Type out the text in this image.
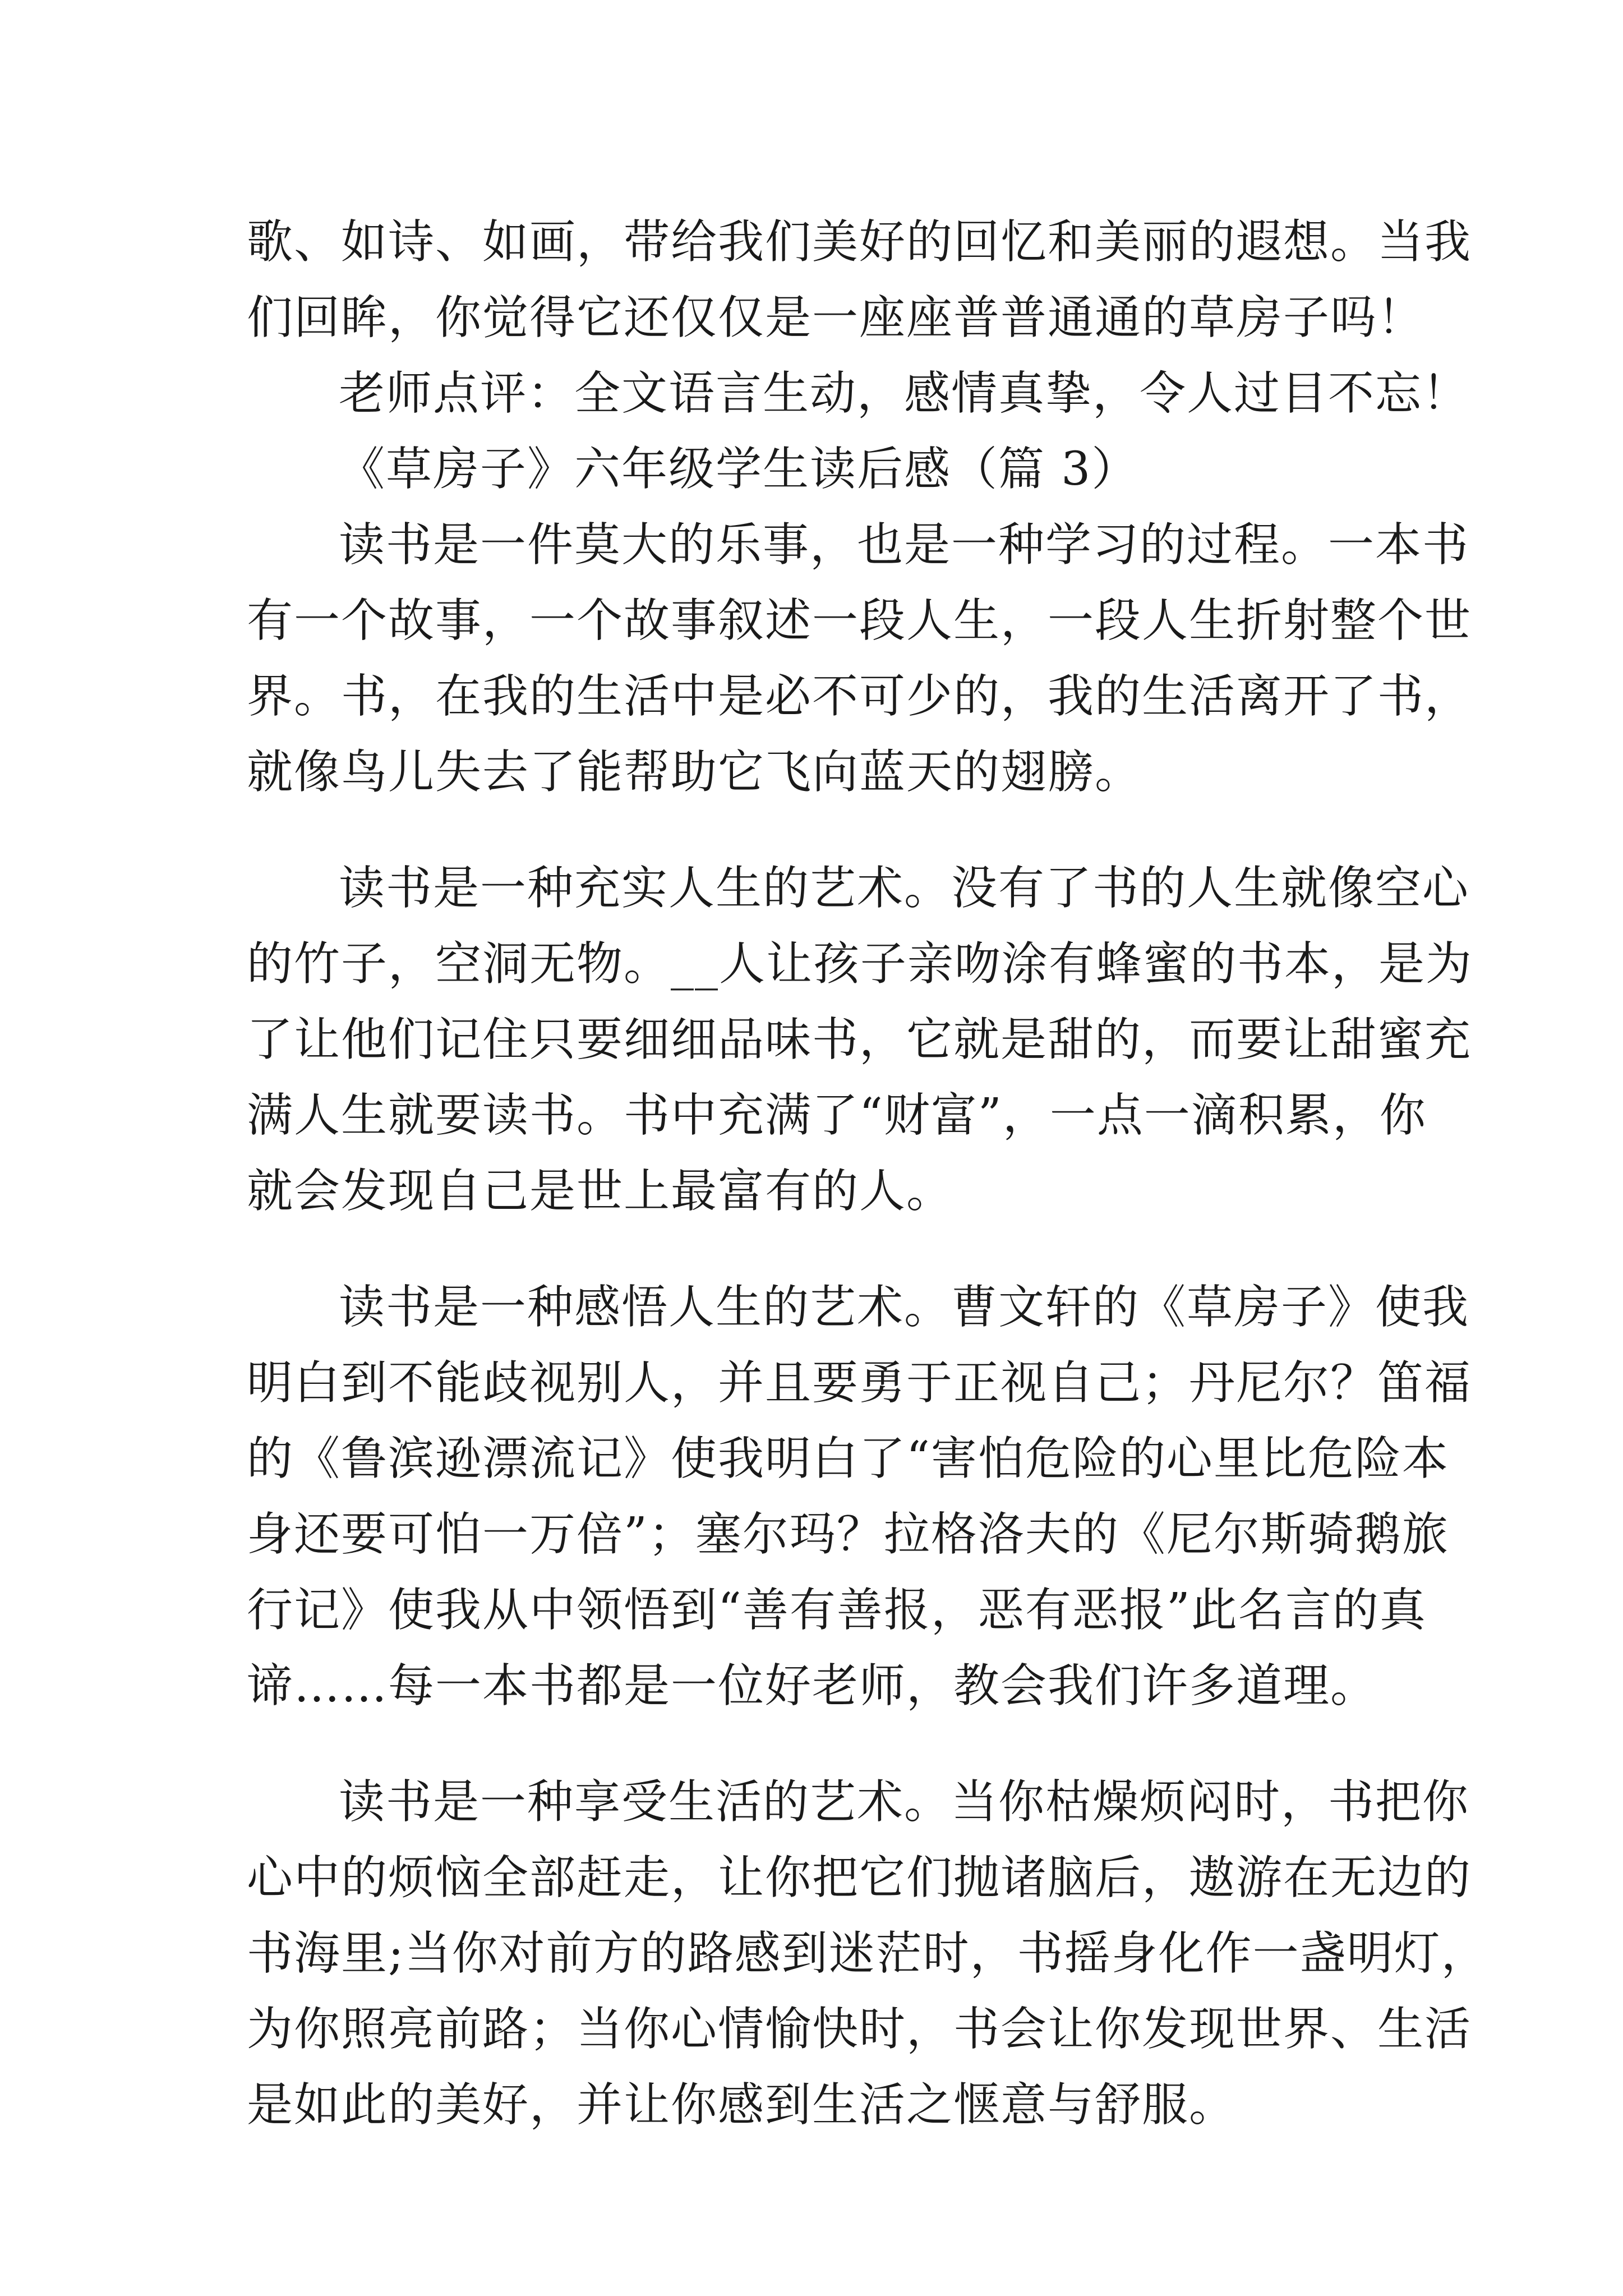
歌、如诗、如画，带给我们美好的回忆和美丽的遐想。当我
们回眸，你觉得它还仅仅是一座座普普通通的草房子吗！
老师点评：全文语言生动，感情真挚，令人过目不忘！
《草房子》六年级学生读后感（篇 3）
读书是一件莫大的乐事，也是一种学习的过程。一本书
有一个故事，一个故事叙述一段人生，一段人生折射整个世
界。书，在我的生活中是必不可少的，我的生活离开了书，
就像鸟儿失去了能帮助它飞向蓝天的翅膀。
读书是一种充实人生的艺术。没有了书的人生就像空心
的竹子，空洞无物。__人让孩子亲吻涂有蜂蜜的书本，是为
了让他们记住只要细细品味书，它就是甜的，而要让甜蜜充
满人生就要读书。书中充满了“财富”，一点一滴积累，你
就会发现自己是世上最富有的人。
读书是一种感悟人生的艺术。曹文轩的《草房子》使我
明白到不能歧视别人，并且要勇于正视自己；丹尼尔？笛福
的《鲁滨逊漂流记》使我明白了“害怕危险的心里比危险本
身还要可怕一万倍”；塞尔玛？拉格洛夫的《尼尔斯骑鹅旅
行记》使我从中领悟到“善有善报，恶有恶报”此名言的真
谛……每一本书都是一位好老师，教会我们许多道理。
读书是一种享受生活的艺术。当你枯燥烦闷时，书把你
心中的烦恼全部赶走，让你把它们抛诸脑后，遨游在无边的
书海里;当你对前方的路感到迷茫时，书摇身化作一盏明灯，
为你照亮前路；当你心情愉快时，书会让你发现世界、生活
是如此的美好，并让你感到生活之惬意与舒服。
